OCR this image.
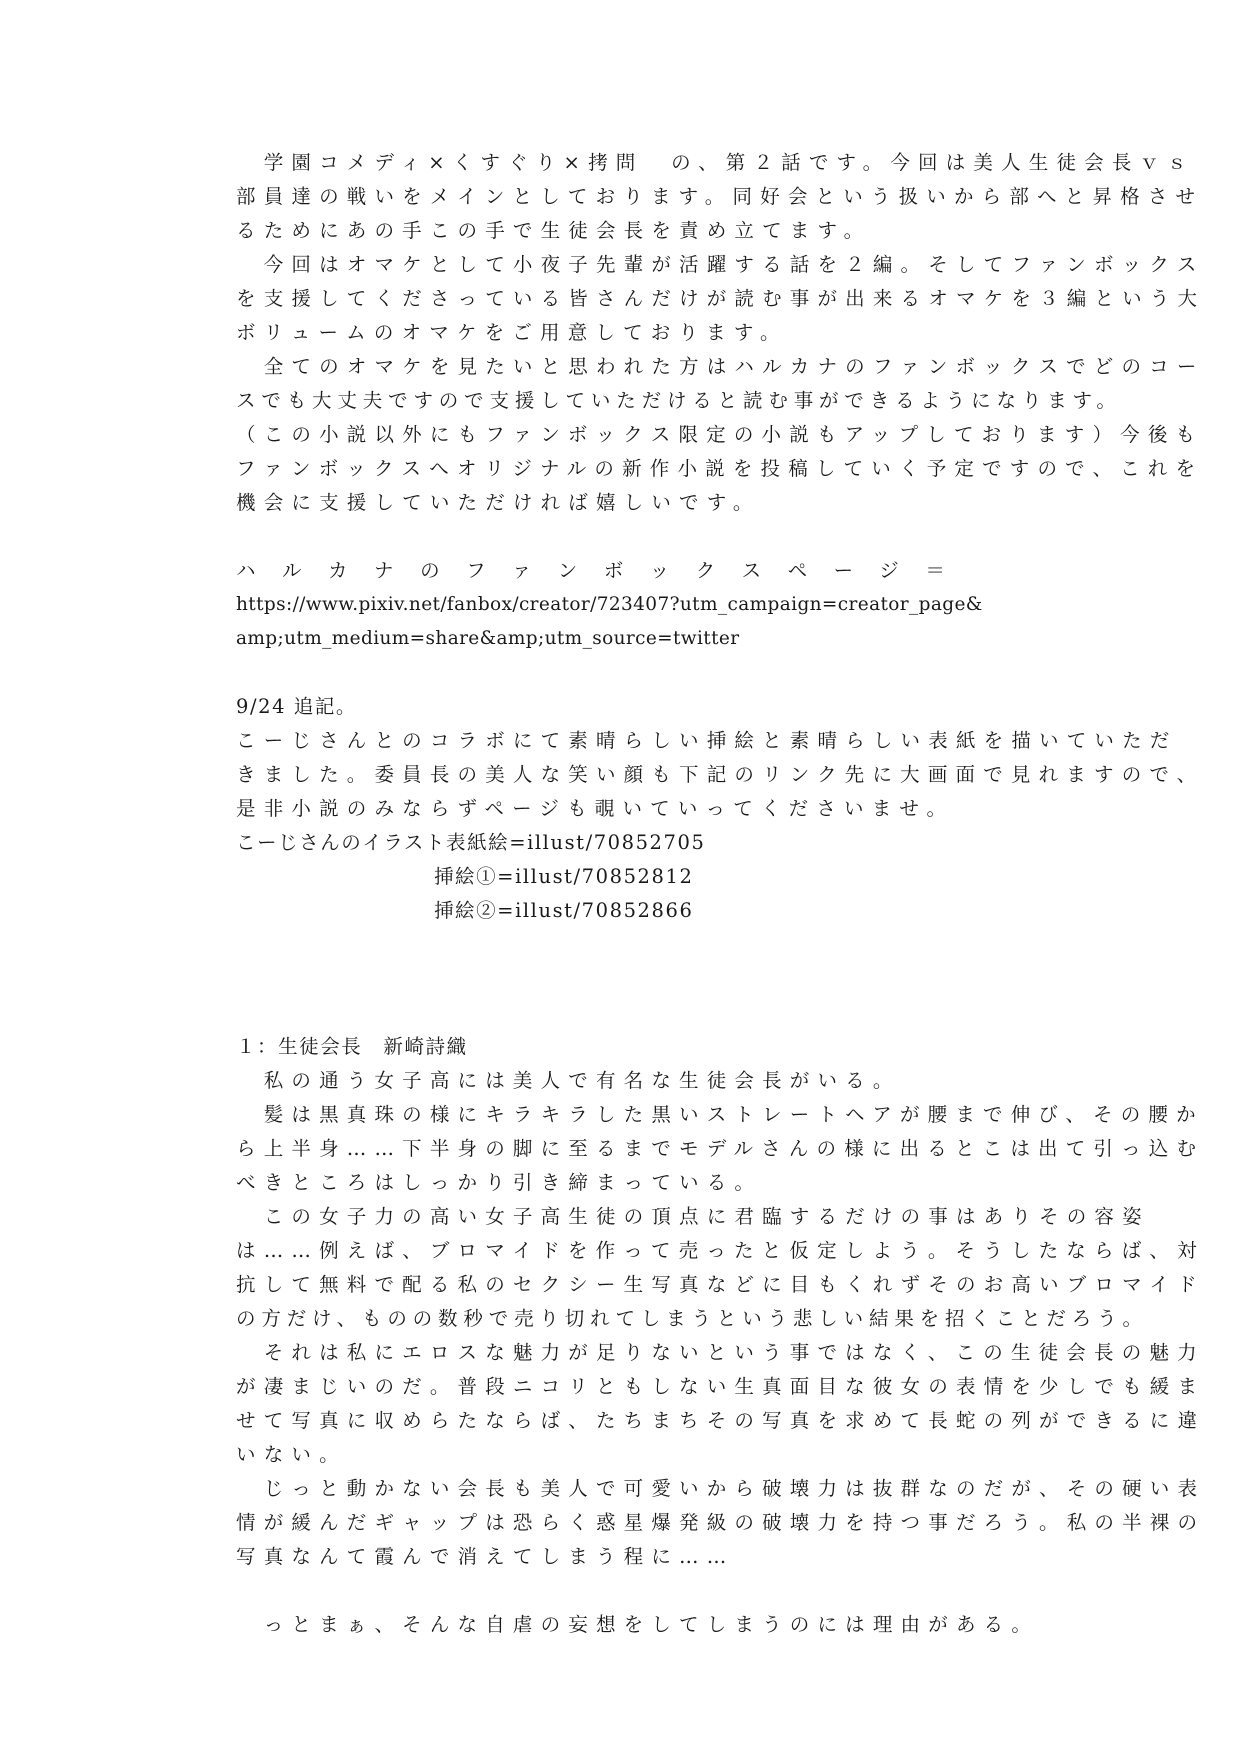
　学園コメディ×くすぐり×拷問　の、第２話です。今回は美人生徒会長ｖｓ
部員達の戦いをメインとしております。同好会という扱いから部へと昇格させ
るためにあの手この手で生徒会長を責め立てます。
　今回はオマケとして小夜子先輩が活躍する話を２編。そしてファンボックス
を支援してくださっている皆さんだけが読む事が出来るオマケを３編という大
ボリュームのオマケをご用意しております。
　全てのオマケを見たいと思われた方はハルカナのファンボックスでどのコー
スでも大丈夫ですので支援していただけると読む事ができるようになります。
（この小説以外にもファンボックス限定の小説もアップしております）今後も
ファンボックスへオリジナルの新作小説を投稿していく予定ですので、これを
機会に支援していただければ嬉しいです。
ハルカナのファンボックスページ＝
https://www.pixiv.net/fanbox/creator/723407?utm_campaign=creator_page&
amp;utm_medium=share&amp;utm_source=twitter
9/24 追記。
こーじさんとのコラボにて素晴らしい挿絵と素晴らしい表紙を描いていただ
きました。委員長の美人な笑い顔も下記のリンク先に大画面で見れますので、
是非小説のみならずページも覗いていってくださいませ。
こーじさんのイラスト表紙絵=illust/70852705
挿絵①=illust/70852812
挿絵②=illust/70852866
１：生徒会長　新崎詩織
　私の通う女子高には美人で有名な生徒会長がいる。
　髪は黒真珠の様にキラキラした黒いストレートヘアが腰まで伸び、その腰か
ら上半身……下半身の脚に至るまでモデルさんの様に出るとこは出て引っ込む
べきところはしっかり引き締まっている。
　この女子力の高い女子高生徒の頂点に君臨するだけの事はありその容姿
は……例えば、ブロマイドを作って売ったと仮定しよう。そうしたならば、対
抗して無料で配る私のセクシー生写真などに目もくれずそのお高いブロマイド
の方だけ、ものの数秒で売り切れてしまうという悲しい結果を招くことだろう。
　それは私にエロスな魅力が足りないという事ではなく、この生徒会長の魅力
が凄まじいのだ。普段ニコリともしない生真面目な彼女の表情を少しでも緩ま
せて写真に収めらたならば、たちまちその写真を求めて長蛇の列ができるに違
いない。
　じっと動かない会長も美人で可愛いから破壊力は抜群なのだが、その硬い表
情が緩んだギャップは恐らく惑星爆発級の破壊力を持つ事だろう。私の半裸の
写真なんて霞んで消えてしまう程に……
　っとまぁ、そんな自虐の妄想をしてしまうのには理由がある。
